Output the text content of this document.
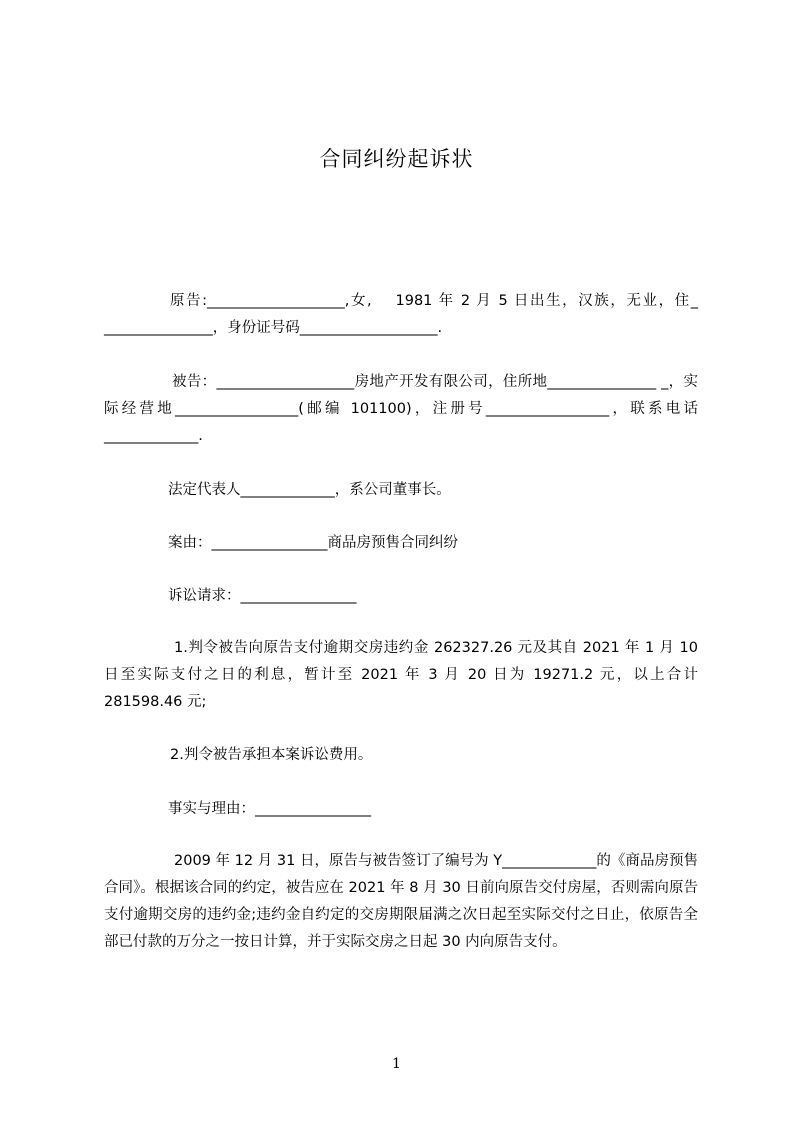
合同纠纷起诉状
原告:___________________,女,　 1981 年 2 月 5 日出生，汉族，无业，住_ _______________，身份证号码___________________.
被告：___________________房地产开发有限公司，住所地_______________ _，实际经营地_________________(邮编 101100)，注册号_________________，联系电话_____________.
法定代表人_____________，系公司董事长。
案由：________________商品房预售合同纠纷
诉讼请求：________________
1.判令被告向原告支付逾期交房违约金 262327.26 元及其自 2021 年 1 月 10 日至实际支付之日的利息，暂计至 2021 年 3 月 20 日为 19271.2 元，以上合计 281598.46 元;
2.判令被告承担本案诉讼费用。
事实与理由：________________
2009 年 12 月 31 日，原告与被告签订了编号为 Y_____________的《商品房预售合同》。根据该合同的约定，被告应在 2021 年 8 月 30 日前向原告交付房屋，否则需向原告支付逾期交房的违约金;违约金自约定的交房期限届满之次日起至实际交付之日止，依原告全部已付款的万分之一按日计算，并于实际交房之日起 30 内向原告支付。
1
